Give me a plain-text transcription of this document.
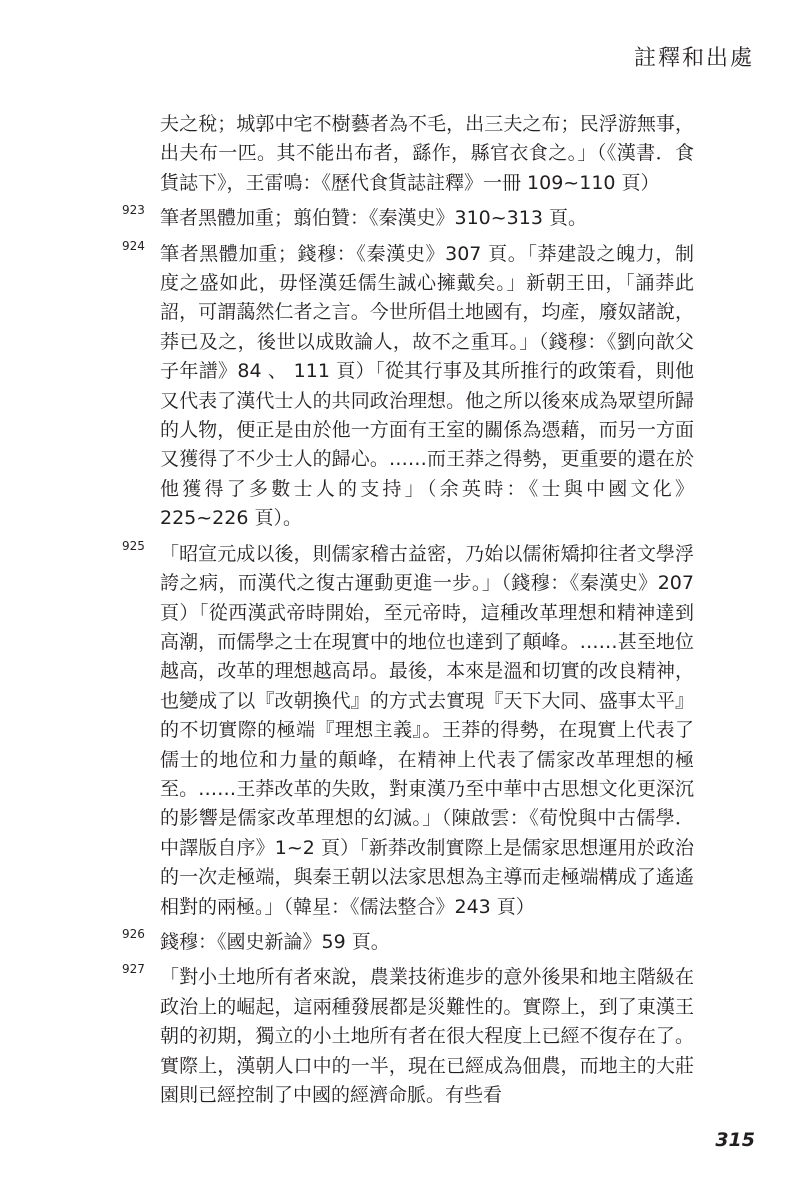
註釋和出處
夫之稅；城郭中宅不樹藝者為不毛，出三夫之布；民浮游無事，出夫布一匹。其不能出布者，繇作，縣官衣食之。」（《漢書．食貨誌下》，王雷鳴：《歷代食貨誌註釋》一冊 109~110 頁）
923 筆者黑體加重；翦伯贊：《秦漢史》310~313 頁。
924 筆者黑體加重；錢穆：《秦漢史》307 頁。「莽建設之魄力，制度之盛如此，毋怪漢廷儒生誠心擁戴矣。」新朝王田，「誦莽此詔，可謂藹然仁者之言。今世所倡土地國有，均產，廢奴諸說，莽已及之，後世以成敗論人，故不之重耳。」（錢穆：《劉向歆父子年譜》84 、 111 頁）「從其行事及其所推行的政策看，則他又代表了漢代士人的共同政治理想。他之所以後來成為眾望所歸的人物，便正是由於他一方面有王室的關係為憑藉，而另一方面又獲得了不少士人的歸心。……而王莽之得勢，更重要的還在於他獲得了多數士人的支持」（余英時：《士與中國文化》225~226 頁）。
925 「昭宣元成以後，則儒家稽古益密，乃始以儒術矯抑往者文學浮誇之病，而漢代之復古運動更進一步。」（錢穆：《秦漢史》207 頁）「從西漢武帝時開始，至元帝時，這種改革理想和精神達到高潮，而儒學之士在現實中的地位也達到了顛峰。……甚至地位越高，改革的理想越高昂。最後，本來是溫和切實的改良精神，也變成了以『改朝換代』的方式去實現『天下大同、盛事太平』的不切實際的極端『理想主義』。王莽的得勢，在現實上代表了儒士的地位和力量的顛峰，在精神上代表了儒家改革理想的極至。……王莽改革的失敗，對東漢乃至中華中古思想文化更深沉的影響是儒家改革理想的幻滅。」（陳啟雲：《荀悅與中古儒學．中譯版自序》1~2 頁）「新莽改制實際上是儒家思想運用於政治的一次走極端，與秦王朝以法家思想為主導而走極端構成了遙遙相對的兩極。」（韓星：《儒法整合》243 頁）
926 錢穆：《國史新論》59 頁。
927 「對小土地所有者來說，農業技術進步的意外後果和地主階級在政治上的崛起，這兩種發展都是災難性的。實際上，到了東漢王朝的初期，獨立的小土地所有者在很大程度上已經不復存在了。實際上，漢朝人口中的一半，現在已經成為佃農，而地主的大莊園則已經控制了中國的經濟命脈。有些看
315
